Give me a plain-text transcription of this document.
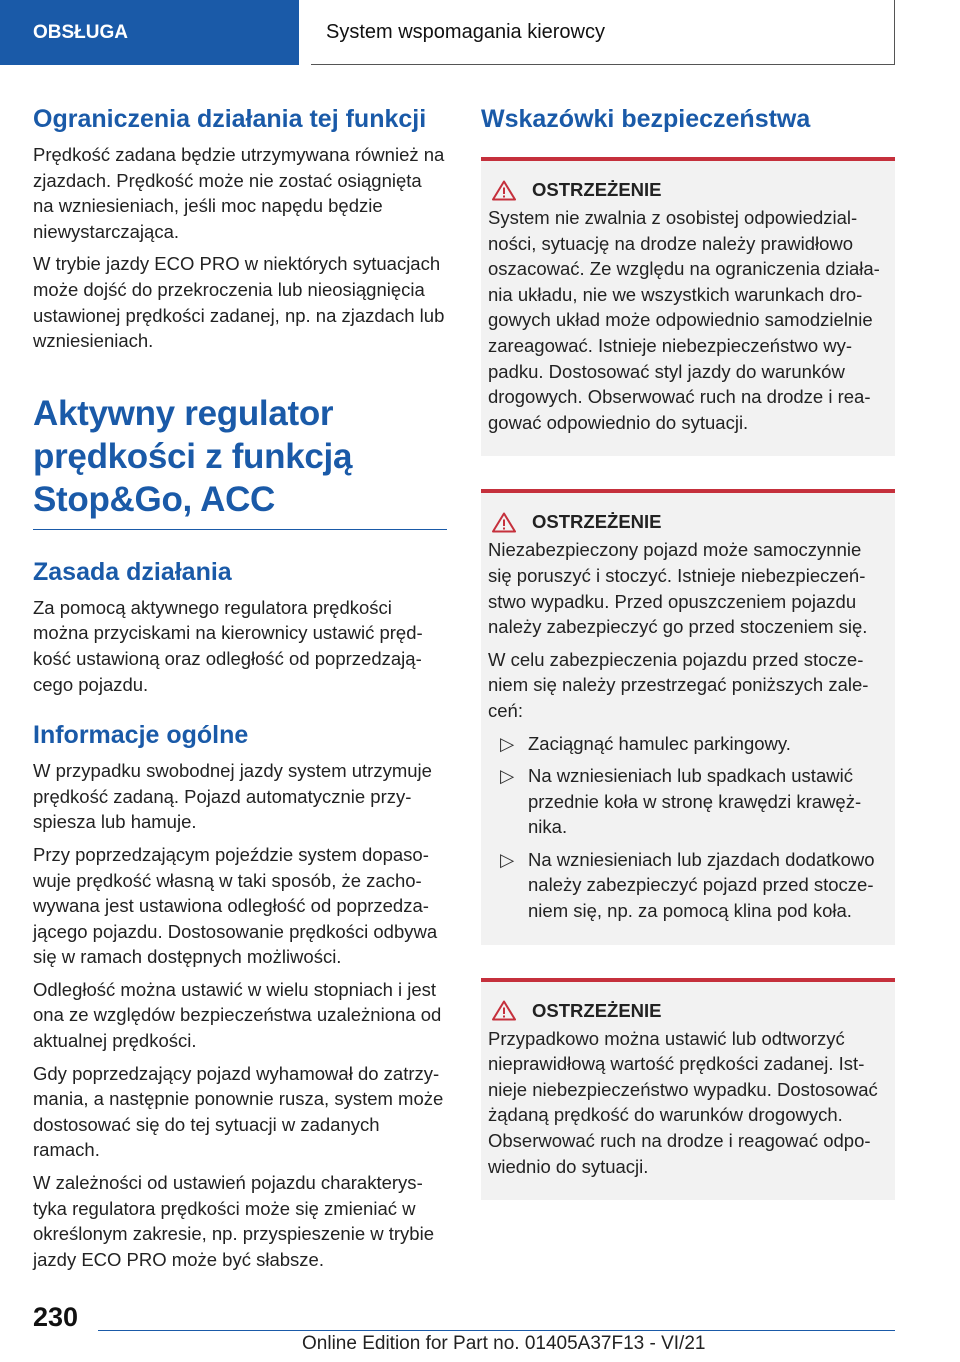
OBSŁUGA	System wspomagania kierowcy
Ograniczenia działania tej funkcji

Prędkość zadana będzie utrzymywana również na zjazdach. Prędkość może nie zostać osiągnięta na wzniesieniach, jeśli moc napędu będzie niewystarczająca.

W trybie jazdy ECO PRO w niektórych sytuacjach może dojść do przekroczenia lub nieosiągnięcia ustawionej prędkości zadanej, np. na zjazdach lub wzniesieniach.

Aktywny regulator prędkości z funkcją Stop&Go, ACC
Zasada działania

Za pomocą aktywnego regulatora prędkości można przyciskami na kierownicy ustawić prędkość ustawioną oraz odległość od poprzedzającego pojazdu.

Informacje ogólne

W przypadku swobodnej jazdy system utrzymuje prędkość zadaną. Pojazd automatycznie przyspiesza lub hamuje.

Przy poprzedzającym pojeździe system dopasowuje prędkość własną w taki sposób, że zachowywana jest ustawiona odległość od poprzedzającego pojazdu. Dostosowanie prędkości odbywa się w ramach dostępnych możliwości.

Odległość można ustawić w wielu stopniach i jest ona ze względów bezpieczeństwa uzależniona od aktualnej prędkości.

Gdy poprzedzający pojazd wyhamował do zatrzymania, a następnie ponownie rusza, system może dostosować się do tej sytuacji w zadanych ramach.

W zależności od ustawień pojazdu charakterystyka regulatora prędkości może się zmieniać w określonym zakresie, np. przyspieszenie w trybie jazdy ECO PRO może być słabsze.

Wskazówki bezpieczeństwa
OSTRZEŻENIE

System nie zwalnia z osobistej odpowiedzialności, sytuację na drodze należy prawidłowo oszacować. Ze względu na ograniczenia działania układu, nie we wszystkich warunkach drogowych układ może odpowiednio samodzielnie zareagować. Istnieje niebezpieczeństwo wypadku. Dostosować styl jazdy do warunków drogowych. Obserwować ruch na drodze i reagować odpowiednio do sytuacji.

OSTRZEŻENIE

Niezabezpieczony pojazd może samoczynnie się poruszyć i stoczyć. Istnieje niebezpieczeństwo wypadku. Przed opuszczeniem pojazdu należy zabezpieczyć go przed stoczeniem się.

W celu zabezpieczenia pojazdu przed stoczeniem się należy przestrzegać poniższych zaleceń:

▷ Zaciągnąć hamulec parkingowy.
▷ Na wzniesieniach lub spadkach ustawić przednie koła w stronę krawędzi krawężnika.
▷ Na wzniesieniach lub zjazdach dodatkowo należy zabezpieczyć pojazd przed stoczeniem się, np. za pomocą klina pod koła.
OSTRZEŻENIE

Przypadkowo można ustawić lub odtworzyć nieprawidłową wartość prędkości zadanej. Istnieje niebezpieczeństwo wypadku. Dostosować żądaną prędkość do warunków drogowych. Obserwować ruch na drodze i reagować odpowiednio do sytuacji.

230
Online Edition for Part no. 01405A37F13 - VI/21
